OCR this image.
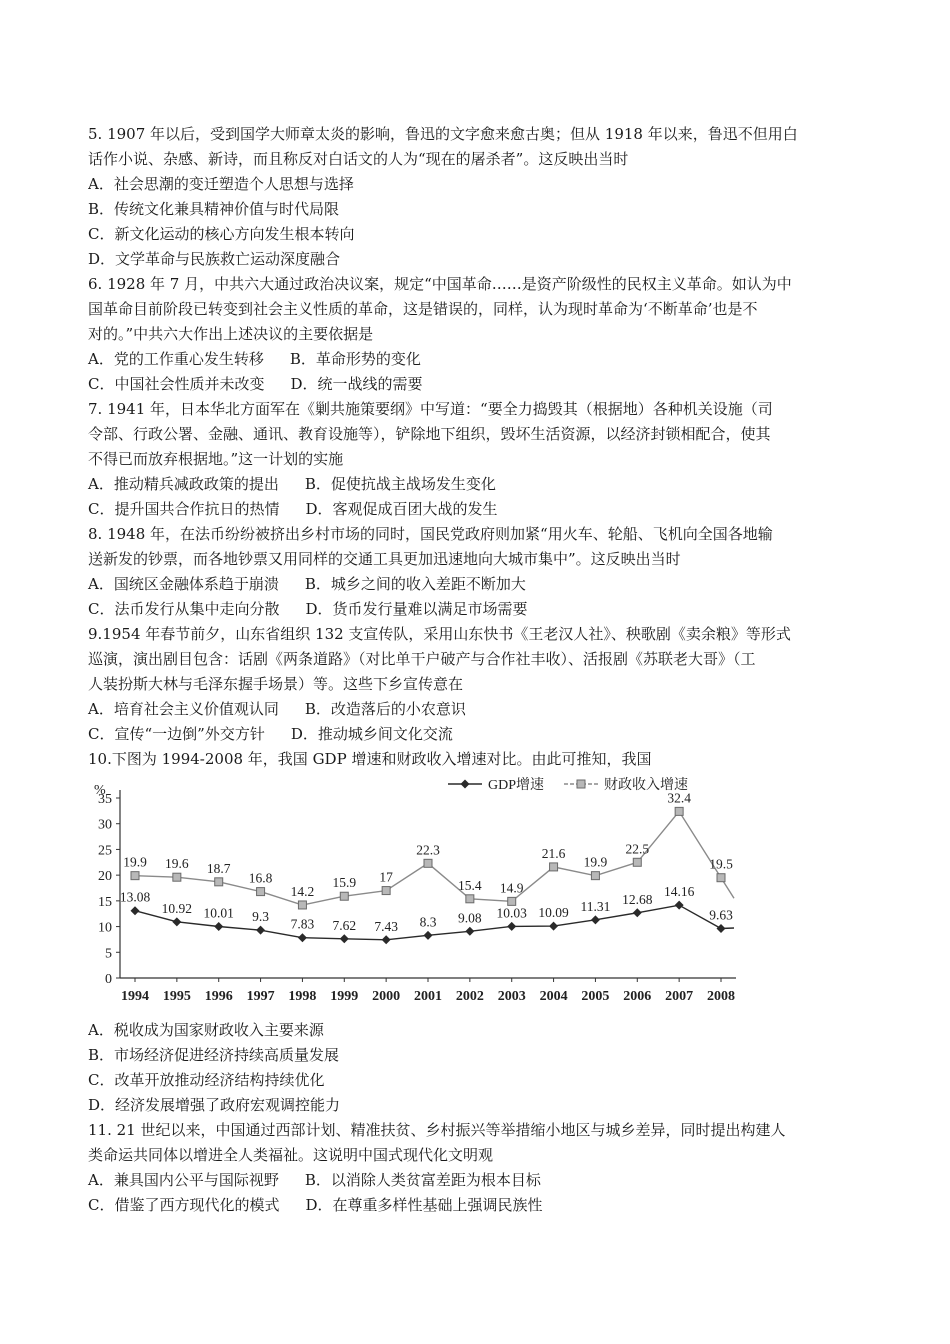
5. 1907 年以后，受到国学大师章太炎的影响，鲁迅的文字愈来愈古奥；但从 1918 年以来，鲁迅不但用白
话作小说、杂感、新诗，而且称反对白话文的人为“现在的屠杀者”。这反映出当时
A．社会思潮的变迁塑造个人思想与选择
B．传统文化兼具精神价值与时代局限
C．新文化运动的核心方向发生根本转向
D．文学革命与民族救亡运动深度融合
6. 1928 年 7 月，中共六大通过政治决议案，规定“中国革命……是资产阶级性的民权主义革命。如认为中
国革命目前阶段已转变到社会主义性质的革命，这是错误的，同样，认为现时革命为‘不断革命’也是不
对的。”中共六大作出上述决议的主要依据是
A．党的工作重心发生转移 B．革命形势的变化
C．中国社会性质并未改变 D．统一战线的需要
7. 1941 年，日本华北方面军在《剿共施策要纲》中写道：“要全力捣毁其（根据地）各种机关设施（司
令部、行政公署、金融、通讯、教育设施等），铲除地下组织，毁坏生活资源，以经济封锁相配合，使其
不得已而放弃根据地。”这一计划的实施
A．推动精兵减政政策的提出 B．促使抗战主战场发生变化
C．提升国共合作抗日的热情 D．客观促成百团大战的发生
8. 1948 年，在法币纷纷被挤出乡村市场的同时，国民党政府则加紧“用火车、轮船、飞机向全国各地输
送新发的钞票，而各地钞票又用同样的交通工具更加迅速地向大城市集中”。这反映出当时
A．国统区金融体系趋于崩溃 B．城乡之间的收入差距不断加大
C．法币发行从集中走向分散 D．货币发行量难以满足市场需要
9.1954 年春节前夕，山东省组织 132 支宣传队，采用山东快书《王老汉人社》、秧歌剧《卖余粮》等形式
巡演，演出剧目包含：话剧《两条道路》（对比单干户破产与合作社丰收）、活报剧《苏联老大哥》（工
人装扮斯大林与毛泽东握手场景）等。这些下乡宣传意在
A．培育社会主义价值观认同 B．改造落后的小农意识
C．宣传“一边倒”外交方针 D．推动城乡间文化交流
10.下图为 1994-2008 年，我国 GDP 增速和财政收入增速对比。由此可推知，我国
%
0
5
10
15
20
25
30
35
1994 1995 1996 1997 1998 1999 2000 2001 2002 2003 2004 2005 2006 2007 2008
13.08
10.92 10.01 9.3
7.83 7.62 7.43 8.3 9.08 10.03 10.09 11.31 12.68
14.16
9.63
19.9 19.6 18.7
16.8
14.2
15.9 17
22.3
15.4 14.9
21.6
19.9
22.5
32.4
19.5
GDP增速	财政收入增速
A．税收成为国家财政收入主要来源
B．市场经济促进经济持续高质量发展
C．改革开放推动经济结构持续优化
D．经济发展增强了政府宏观调控能力
11. 21 世纪以来，中国通过西部计划、精准扶贫、乡村振兴等举措缩小地区与城乡差异，同时提出构建人
类命运共同体以增进全人类福祉。这说明中国式现代化文明观
A．兼具国内公平与国际视野 B．以消除人类贫富差距为根本目标
C．借鉴了西方现代化的模式 D．在尊重多样性基础上强调民族性
